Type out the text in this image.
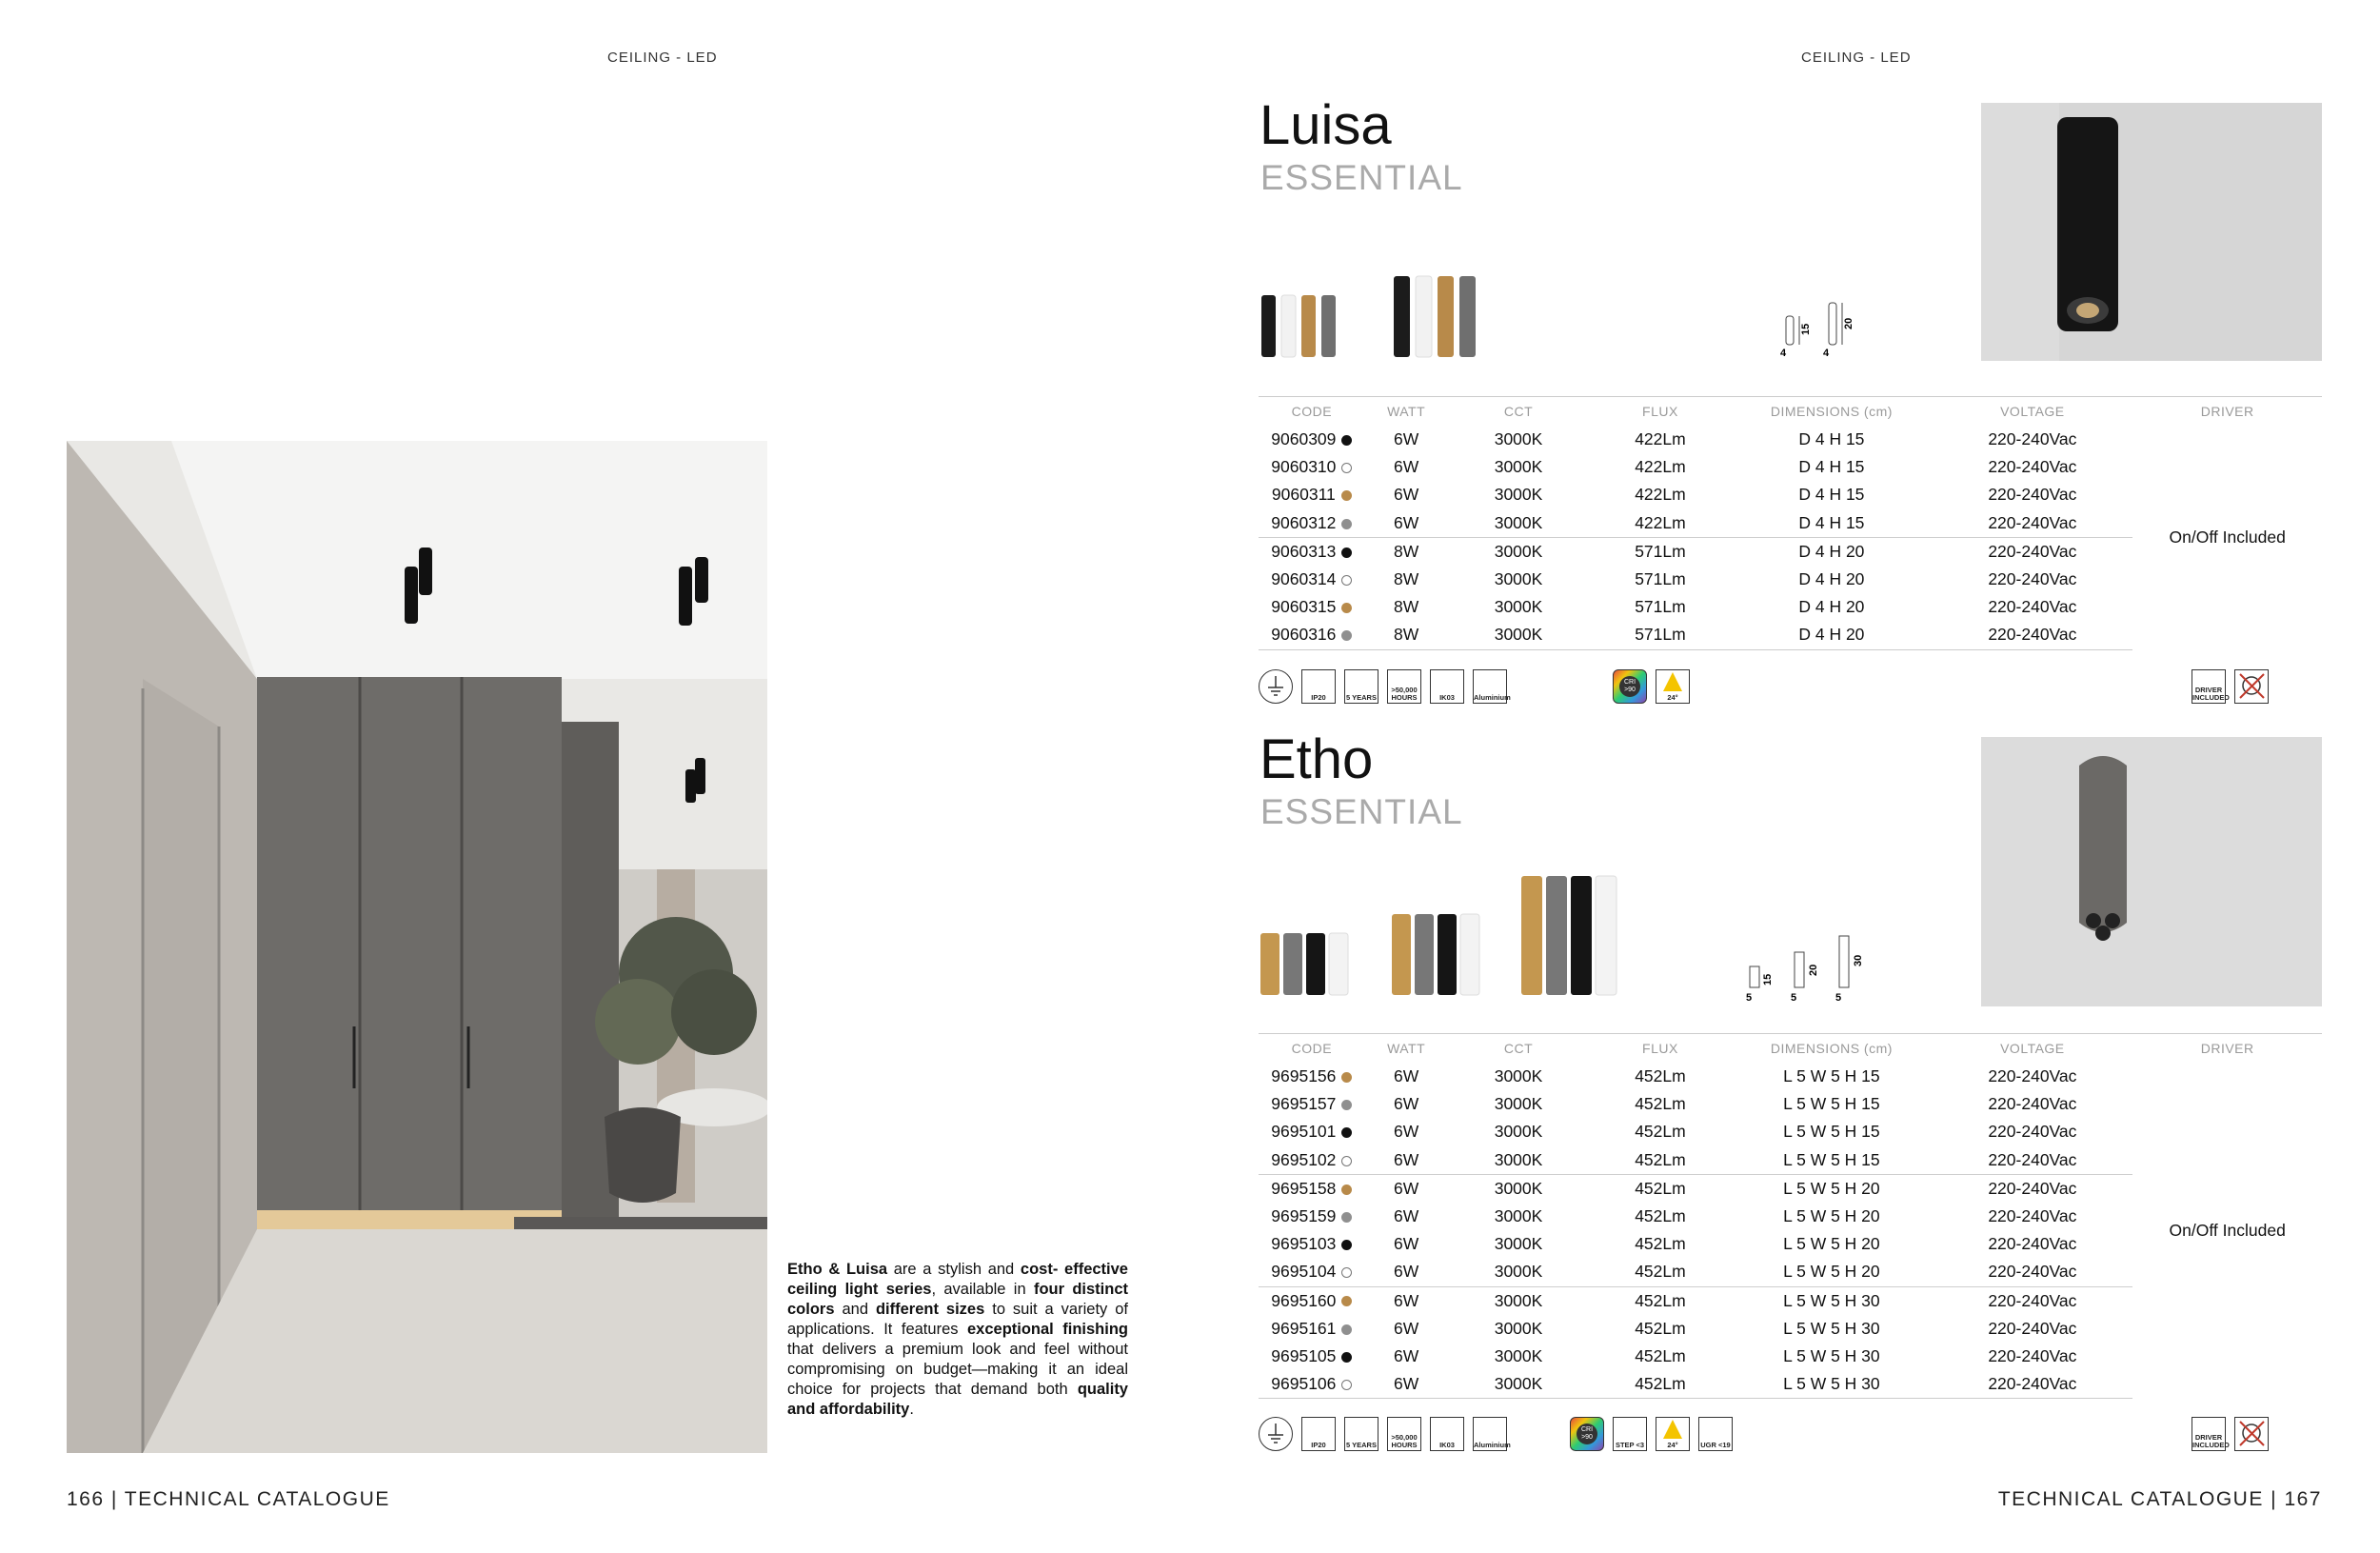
CEILING - LED
Etho & Luisa are a stylish and cost- effective ceiling light series, available in four distinct colors and different sizes to suit a variety of applications. It features exceptional finishing that delivers a premium look and feel without compromising on budget—making it an ideal choice for projects that demand both quality and affordability.
166 | TECHNICAL CATALOGUE
CEILING - LED
Luisa
ESSENTIAL
4
15
4
20
CODE	WATT	CCT	FLUX	DIMENSIONS (cm)	VOLTAGE	DRIVER
9060309	6W	3000K	422Lm	D 4 H 15	220-240Vac	On/Off Included
9060310	6W	3000K	422Lm	D 4 H 15	220-240Vac	
9060311	6W	3000K	422Lm	D 4 H 15	220-240Vac	
9060312	6W	3000K	422Lm	D 4 H 15	220-240Vac	
9060313	8W	3000K	571Lm	D 4 H 20	220-240Vac	
9060314	8W	3000K	571Lm	D 4 H 20	220-240Vac	
9060315	8W	3000K	571Lm	D 4 H 20	220-240Vac	
9060316	8W	3000K	571Lm	D 4 H 20	220-240Vac	
IP20	5 YEARS
>50,000 HOURS	IK03	Aluminium
CRI >90
24°
DRIVER INCLUDED
Etho
ESSENTIAL
5
15
5
20
5
30
CODE	WATT	CCT	FLUX	DIMENSIONS (cm)	VOLTAGE	DRIVER
9695156	6W	3000K	452Lm	L 5 W 5 H 15	220-240Vac	On/Off Included
9695157	6W	3000K	452Lm	L 5 W 5 H 15	220-240Vac	
9695101	6W	3000K	452Lm	L 5 W 5 H 15	220-240Vac	
9695102	6W	3000K	452Lm	L 5 W 5 H 15	220-240Vac	
9695158	6W	3000K	452Lm	L 5 W 5 H 20	220-240Vac	
9695159	6W	3000K	452Lm	L 5 W 5 H 20	220-240Vac	
9695103	6W	3000K	452Lm	L 5 W 5 H 20	220-240Vac	
9695104	6W	3000K	452Lm	L 5 W 5 H 20	220-240Vac	
9695160	6W	3000K	452Lm	L 5 W 5 H 30	220-240Vac	
9695161	6W	3000K	452Lm	L 5 W 5 H 30	220-240Vac	
9695105	6W	3000K	452Lm	L 5 W 5 H 30	220-240Vac	
9695106	6W	3000K	452Lm	L 5 W 5 H 30	220-240Vac	
IP20	5 YEARS
>50,000 HOURS	IK03	Aluminium
CRI >90
STEP <3	24°	UGR <19
DRIVER INCLUDED
TECHNICAL CATALOGUE | 167
